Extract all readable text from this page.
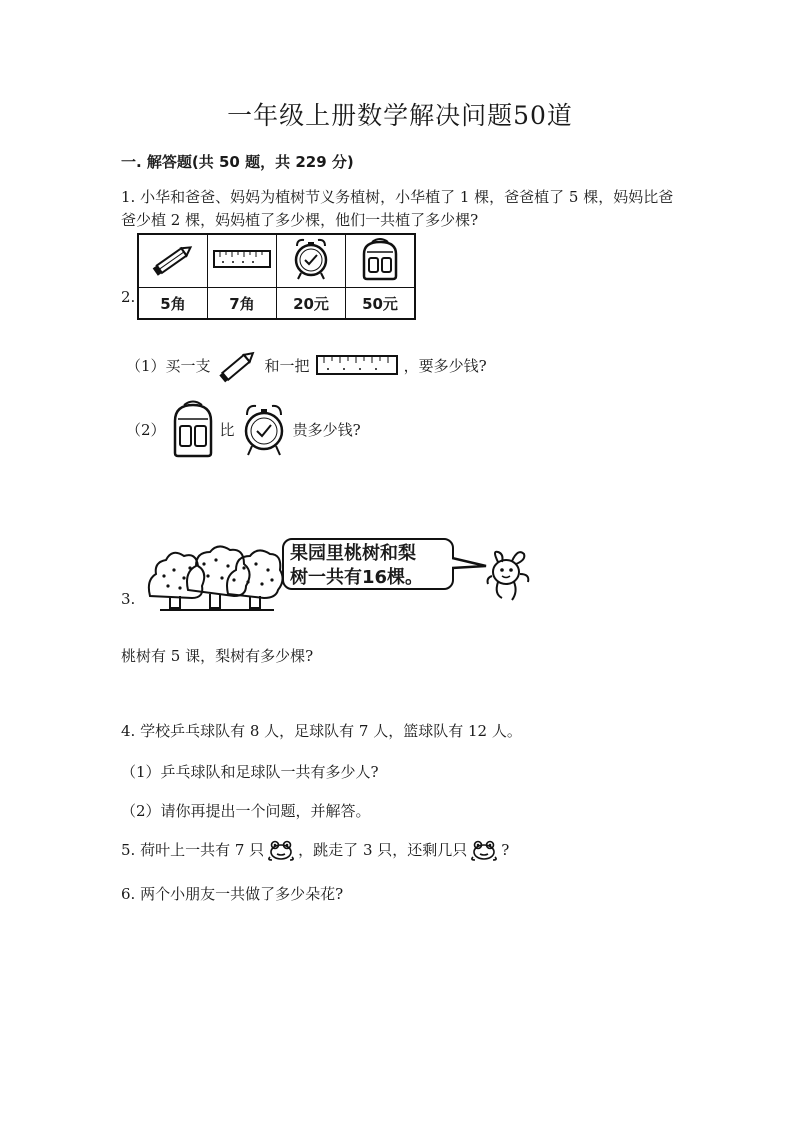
一年级上册数学解决问题50道
一. 解答题(共 50 题，共 229 分)
1. 小华和爸爸、妈妈为植树节义务植树，小华植了 1 棵，爸爸植了 5 棵，妈妈比爸爸少植 2 棵，妈妈植了多少棵，他们一共植了多少棵?
2.
			5角	7角	20元	50元
（1）买一支	和一把	，要多少钱?
（2）	比	贵多少钱?
果园里桃树和梨
树一共有16棵。
3.
桃树有 5 课，梨树有多少棵?
4. 学校乒乓球队有 8 人，足球队有 7 人，篮球队有 12 人。
（1）乒乓球队和足球队一共有多少人?
（2）请你再提出一个问题，并解答。
5. 荷叶上一共有 7 只 ，跳走了 3 只，还剩几只 ?
6. 两个小朋友一共做了多少朵花?
